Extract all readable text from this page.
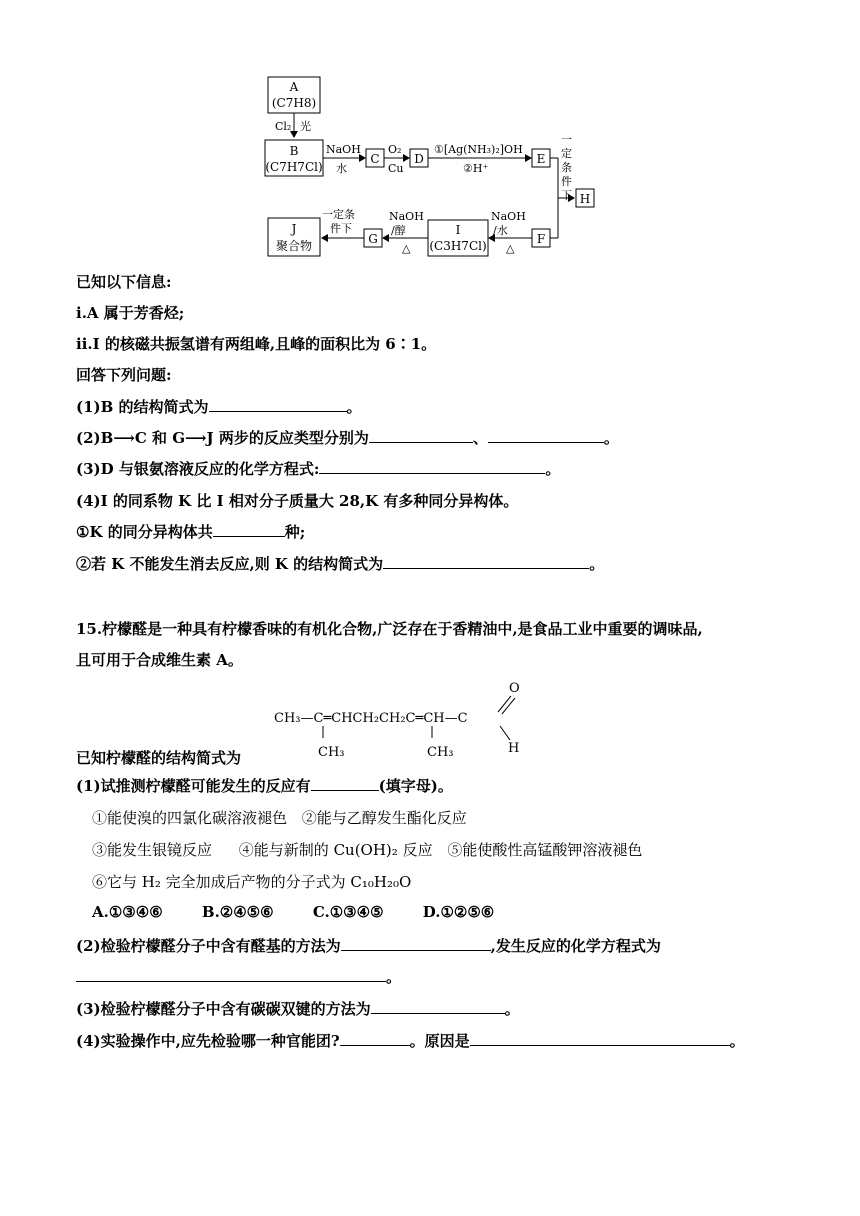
A
(C7H8)
Cl₂ 光
B
(C7H7Cl)
NaOH
水
C
O₂
Cu
D
①[Ag(NH₃)₂]OH
②H⁺
E
一
定
条
件
下 H
F
NaOH
/水
△
I
(C3H7Cl)
NaOH
/醇
△
G
一定条
件下
J
聚合物
已知以下信息:
ⅰ.A 属于芳香烃;
ⅱ.I 的核磁共振氢谱有两组峰,且峰的面积比为 6∶1。
回答下列问题:
(1)B 的结构简式为	。
(2)B⟶C 和 G⟶J 两步的反应类型分别为	、	。
(3)D 与银氨溶液反应的化学方程式:	。
(4)I 的同系物 K 比 I 相对分子质量大 28,K 有多种同分异构体。
①K 的同分异构体共	种;
②若 K 不能发生消去反应,则 K 的结构简式为	。
15.柠檬醛是一种具有柠檬香味的有机化合物,广泛存在于香精油中,是食品工业中重要的调味品,
且可用于合成维生素 A。
CH₃—C═CHCH₂CH₂C═CH—C
CH₃	CH₃
O
H
已知柠檬醛的结构简式为
(1)试推测柠檬醛可能发生的反应有	(填字母)。
①能使溴的四氯化碳溶液褪色 ②能与乙醇发生酯化反应
③能发生银镜反应 ④能与新制的 Cu(OH)₂ 反应 ⑤能使酸性高锰酸钾溶液褪色
⑥它与 H₂ 完全加成后产物的分子式为 C₁₀H₂₀O
A.①③④⑥	B.②④⑤⑥	C.①③④⑤	D.①②⑤⑥
(2)检验柠檬醛分子中含有醛基的方法为	,发生反应的化学方程式为
。
(3)检验柠檬醛分子中含有碳碳双键的方法为	。
(4)实验操作中,应先检验哪一种官能团?	。原因是	。
